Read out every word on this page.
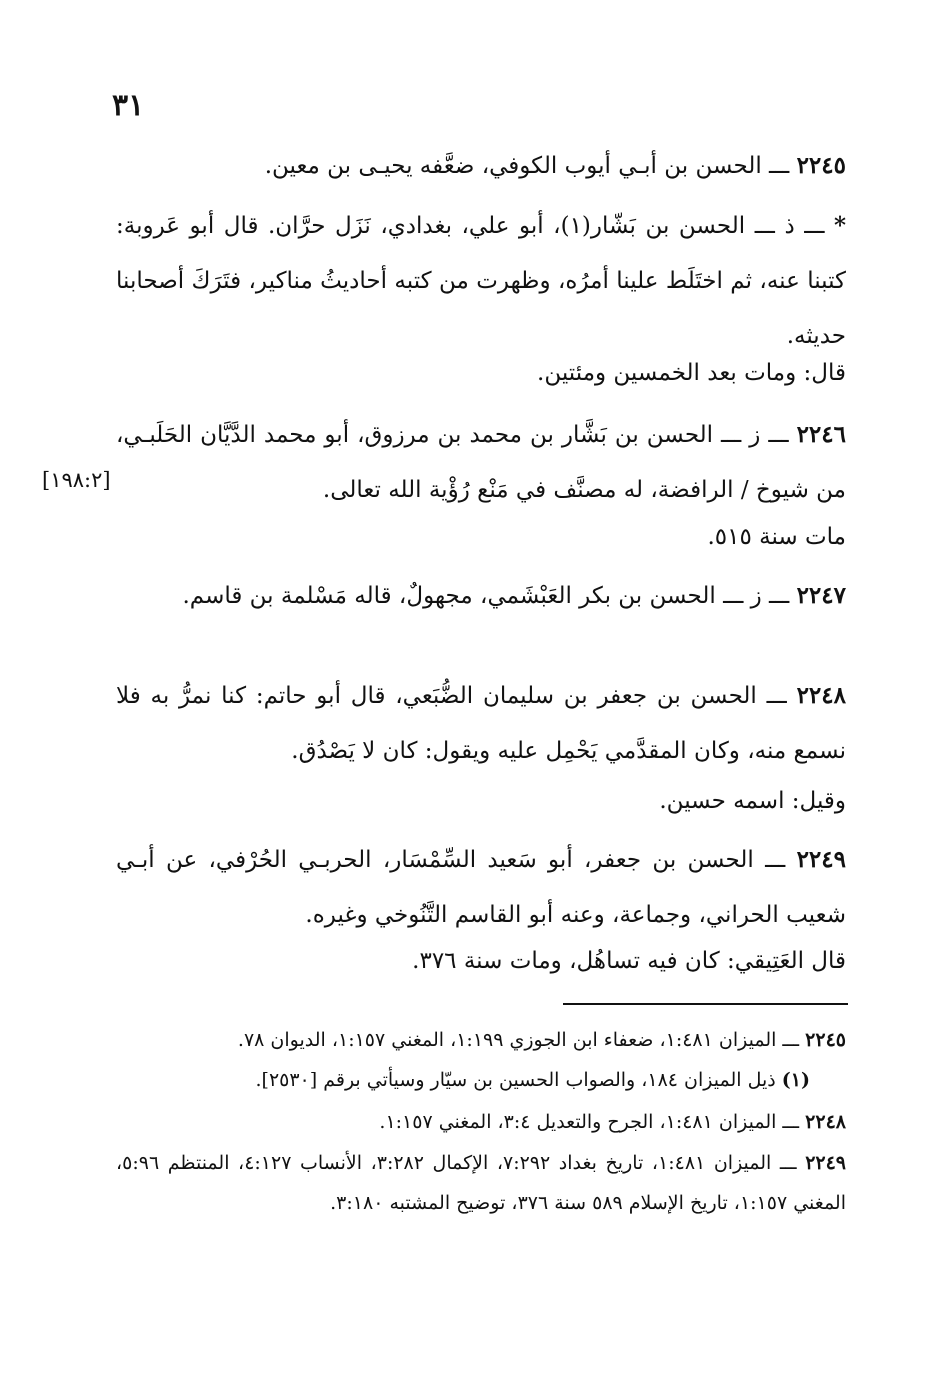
٣١
٢٢٤٥ ـــ الحسن بن أبـي أيوب الكوفي، ضعَّفه يحيـى بن معين.
* ـــ ذ ـــ الحسن بن بَشّار(١)، أبو علي، بغدادي، نَزَل حرَّان. قال أبو عَروبة: كتبنا عنه، ثم اختَلَط علينا أمرُه، وظهرت من كتبه أحاديثُ مناكير، فتَرَكَ أصحابنا حديثه.
قال: ومات بعد الخمسين ومئتين.
٢٢٤٦ ـــ ز ـــ الحسن بن بَشَّار بن محمد بن مرزوق، أبو محمد الدَّيَّان الحَلَبـي، من شيوخ / الرافضة، له مصنَّف في مَنْع رُؤْية الله تعالى.
[١٩٨:٢]
مات سنة ٥١٥.
٢٢٤٧ ـــ ز ـــ الحسن بن بكر العَبْشَمي، مجهولٌ، قاله مَسْلمة بن قاسم.
٢٢٤٨ ـــ الحسن بن جعفر بن سليمان الضُّبَعي، قال أبو حاتم: كنا نمرُّ به فلا نسمع منه، وكان المقدَّمي يَحْمِل عليه ويقول: كان لا يَصْدُق.
وقيل: اسمه حسين.
٢٢٤٩ ـــ الحسن بن جعفر، أبو سَعيد السِّمْسَار، الحربـي الحُرْفي، عن أبـي شعيب الحراني، وجماعة، وعنه أبو القاسم التَّنُوخي وغيره.
قال العَتِيقي: كان فيه تساهُل، ومات سنة ٣٧٦.
٢٢٤٥ ـــ الميزان ١:٤٨١، ضعفاء ابن الجوزي ١:١٩٩، المغني ١:١٥٧، الديوان ٧٨.
(١) ذيل الميزان ١٨٤، والصواب الحسين بن سيّار وسيأتي برقم [٢٥٣٠].
٢٢٤٨ ـــ الميزان ١:٤٨١، الجرح والتعديل ٣:٤، المغني ١:١٥٧.
٢٢٤٩ ـــ الميزان ١:٤٨١، تاريخ بغداد ٧:٢٩٢، الإكمال ٣:٢٨٢، الأنساب ٤:١٢٧، المنتظم ٥:٩٦، المغني ١:١٥٧، تاريخ الإسلام ٥٨٩ سنة ٣٧٦، توضيح المشتبه ٣:١٨٠.
